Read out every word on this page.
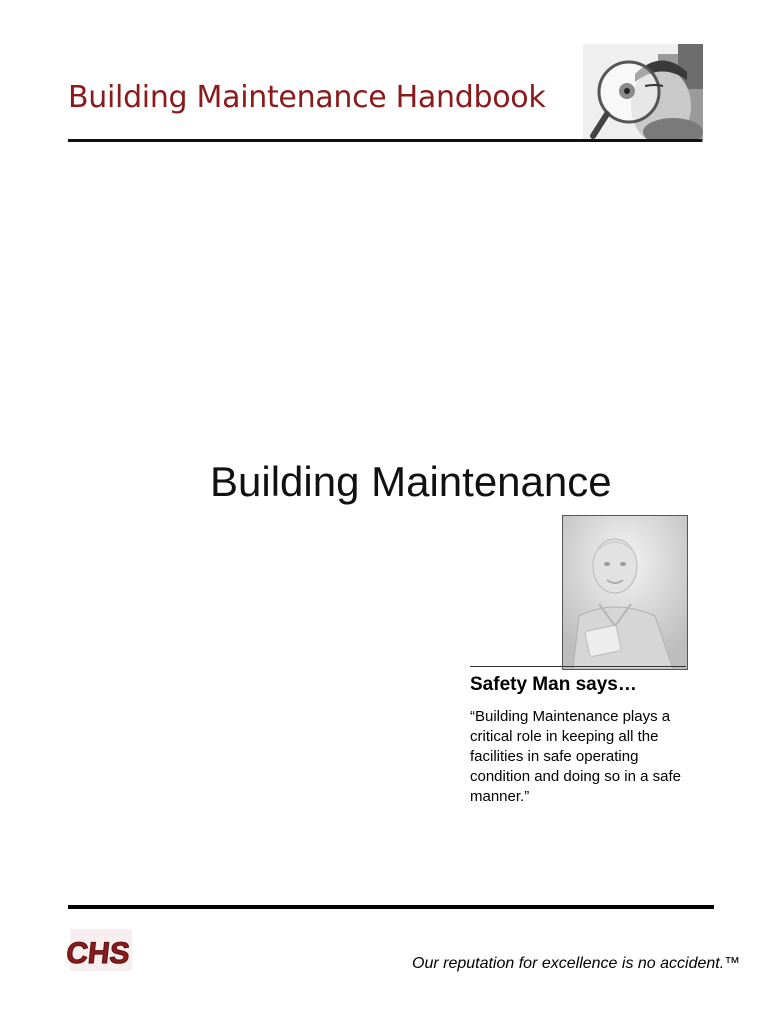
Building Maintenance Handbook
Building Maintenance
Safety Man says…
“Building Maintenance plays a
critical role in keeping all the
facilities in safe operating
condition and doing so in a safe
manner.”
CHS	Our reputation for excellence is no accident.™
